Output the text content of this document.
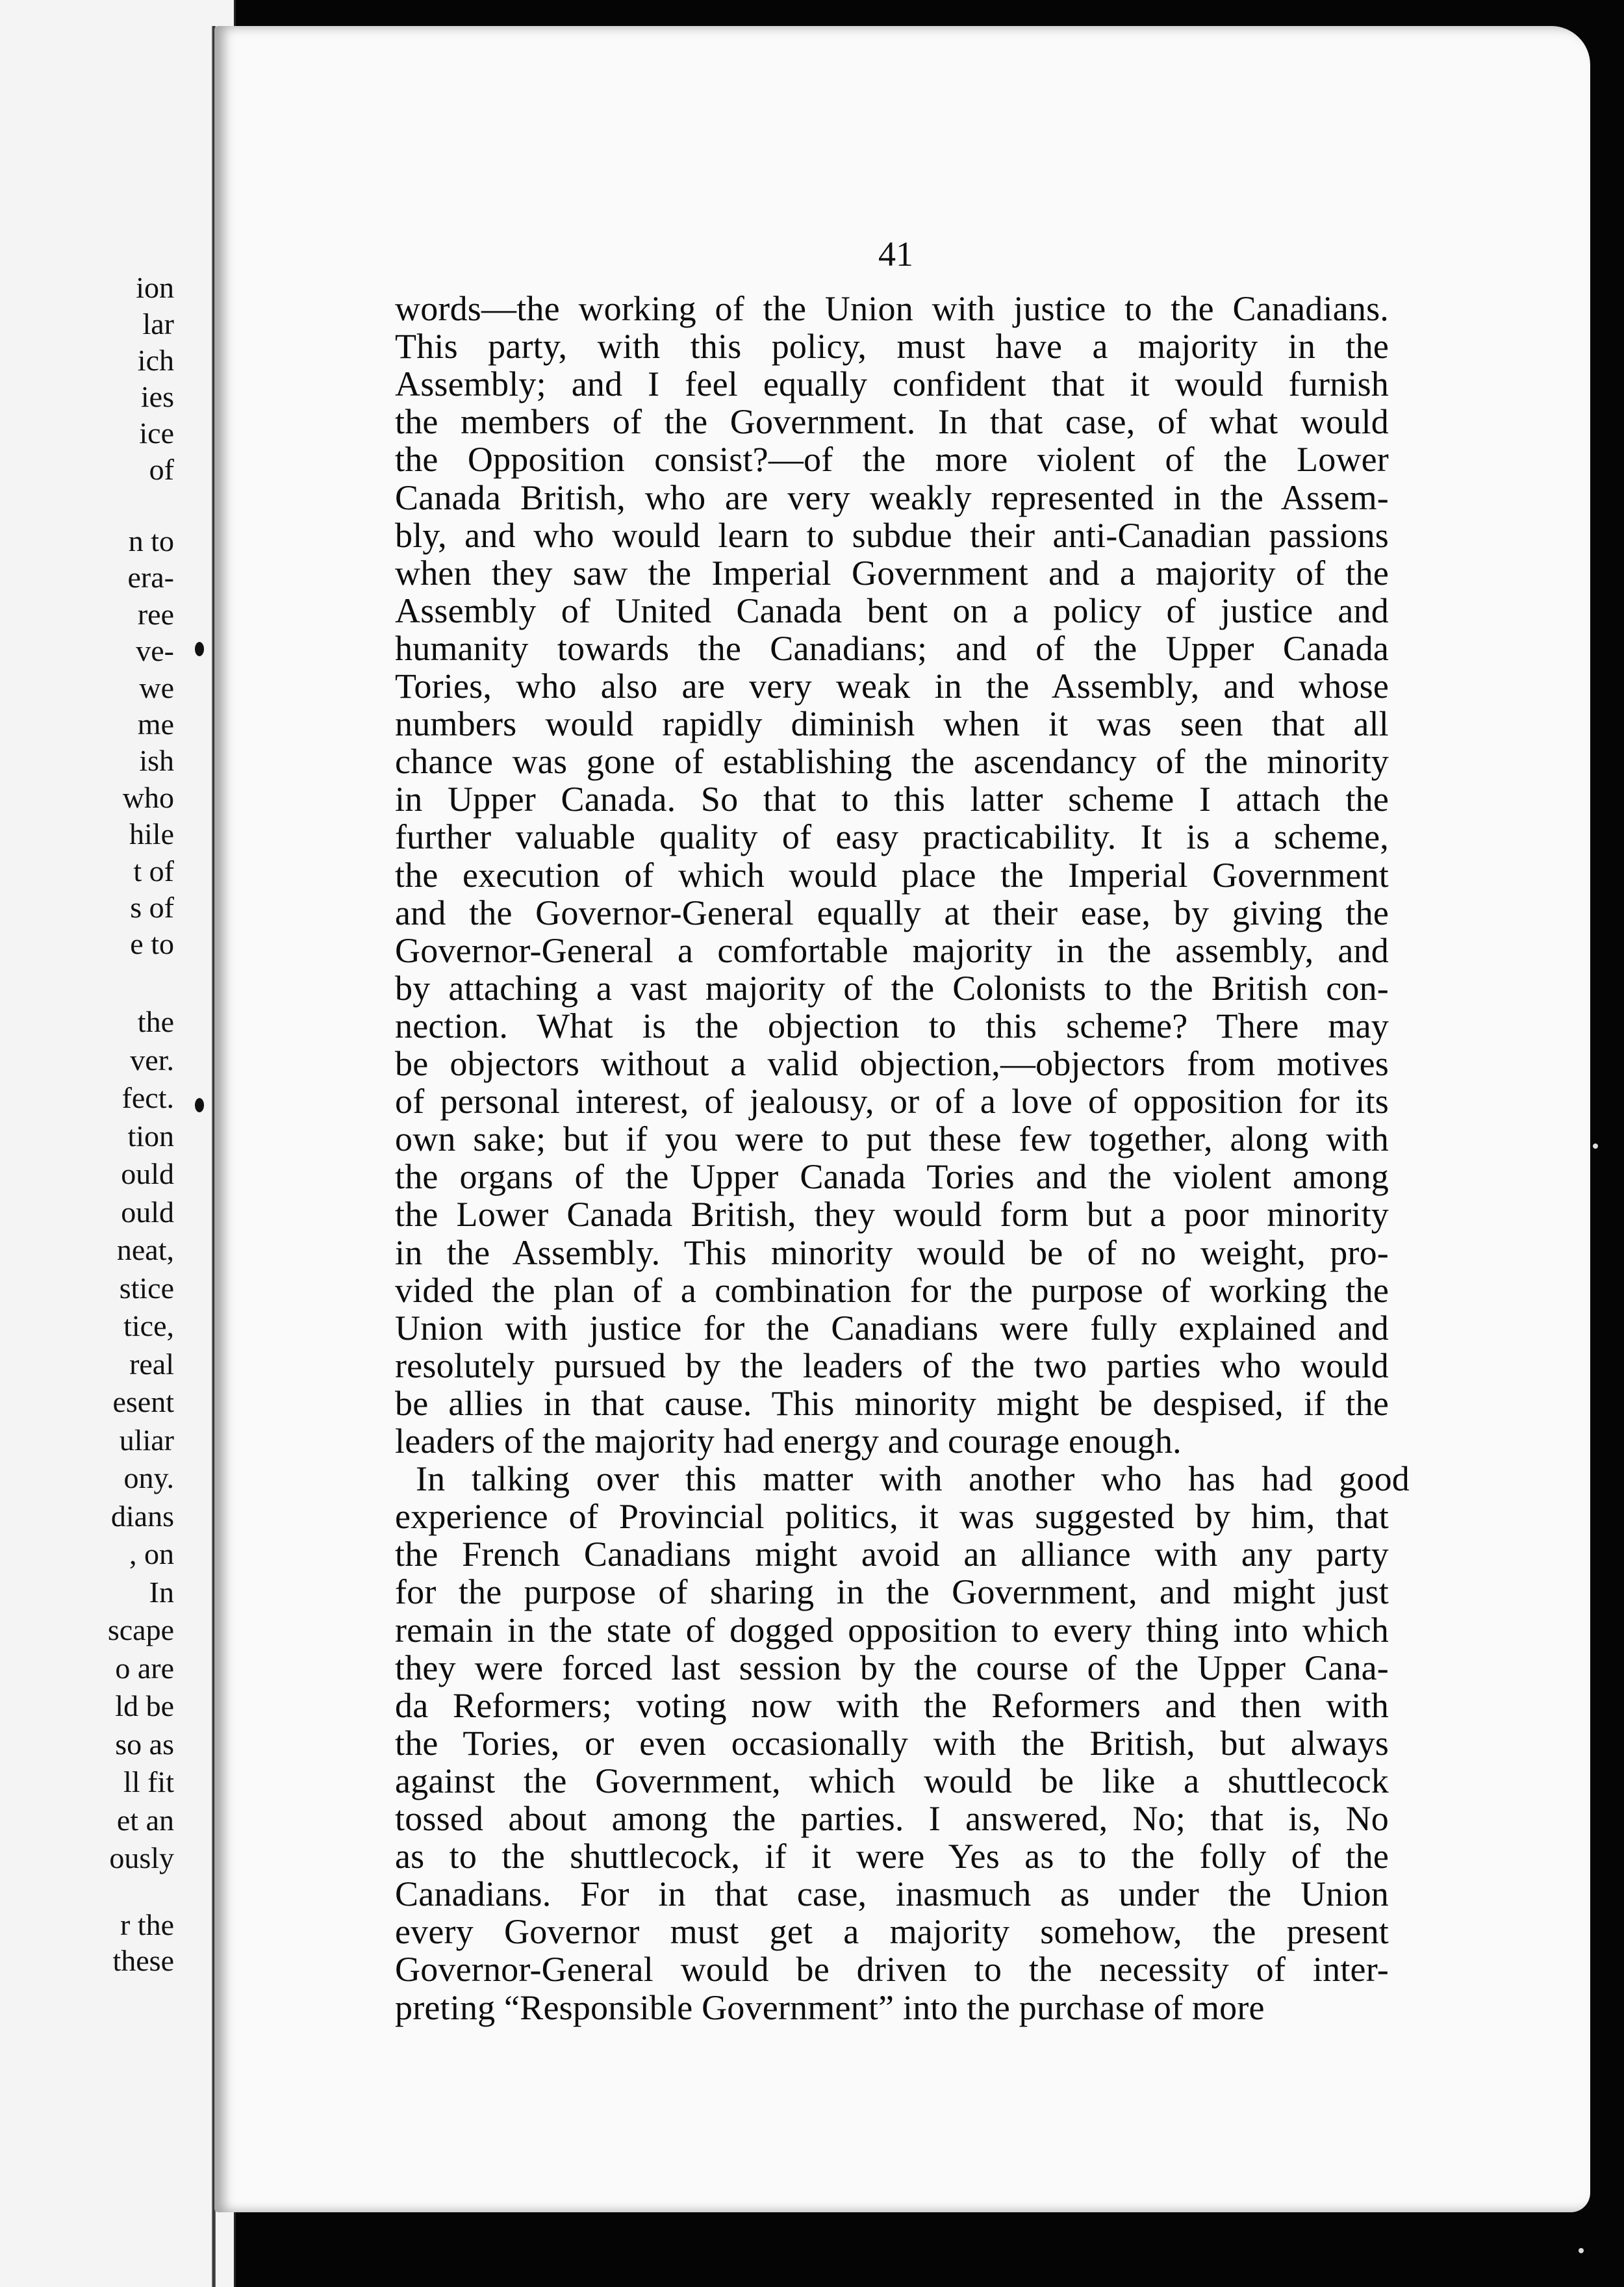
ion
lar
ich
ies
ice
of
n to
era-
ree
ve-
we
me
ish
who
hile
t of
s of
e to
the
ver.
fect.
tion
ould
ould
neat,
stice
tice,
real
esent
uliar
ony.
dians
, on
In
scape
o are
ld be
so as
ll fit
et an
ously
r the
these
41
words—the working of the Union with justice to the Canadians.
This party, with this policy, must have a majority in the
Assembly; and I feel equally confident that it would furnish
the members of the Government. In that case, of what would
the Opposition consist?—of the more violent of the Lower
Canada British, who are very weakly represented in the Assem-
bly, and who would learn to subdue their anti-Canadian passions
when they saw the Imperial Government and a majority of the
Assembly of United Canada bent on a policy of justice and
humanity towards the Canadians; and of the Upper Canada
Tories, who also are very weak in the Assembly, and whose
numbers would rapidly diminish when it was seen that all
chance was gone of establishing the ascendancy of the minority
in Upper Canada. So that to this latter scheme I attach the
further valuable quality of easy practicability. It is a scheme,
the execution of which would place the Imperial Government
and the Governor-General equally at their ease, by giving the
Governor-General a comfortable majority in the assembly, and
by attaching a vast majority of the Colonists to the British con-
nection. What is the objection to this scheme? There may
be objectors without a valid objection,—objectors from motives
of personal interest, of jealousy, or of a love of opposition for its
own sake; but if you were to put these few together, along with
the organs of the Upper Canada Tories and the violent among
the Lower Canada British, they would form but a poor minority
in the Assembly. This minority would be of no weight, pro-
vided the plan of a combination for the purpose of working the
Union with justice for the Canadians were fully explained and
resolutely pursued by the leaders of the two parties who would
be allies in that cause. This minority might be despised, if the
leaders of the majority had energy and courage enough.
In talking over this matter with another who has had good
experience of Provincial politics, it was suggested by him, that
the French Canadians might avoid an alliance with any party
for the purpose of sharing in the Government, and might just
remain in the state of dogged opposition to every thing into which
they were forced last session by the course of the Upper Cana-
da Reformers; voting now with the Reformers and then with
the Tories, or even occasionally with the British, but always
against the Government, which would be like a shuttlecock
tossed about among the parties. I answered, No; that is, No
as to the shuttlecock, if it were Yes as to the folly of the
Canadians. For in that case, inasmuch as under the Union
every Governor must get a majority somehow, the present
Governor-General would be driven to the necessity of inter-
preting “Responsible Government” into the purchase of more
